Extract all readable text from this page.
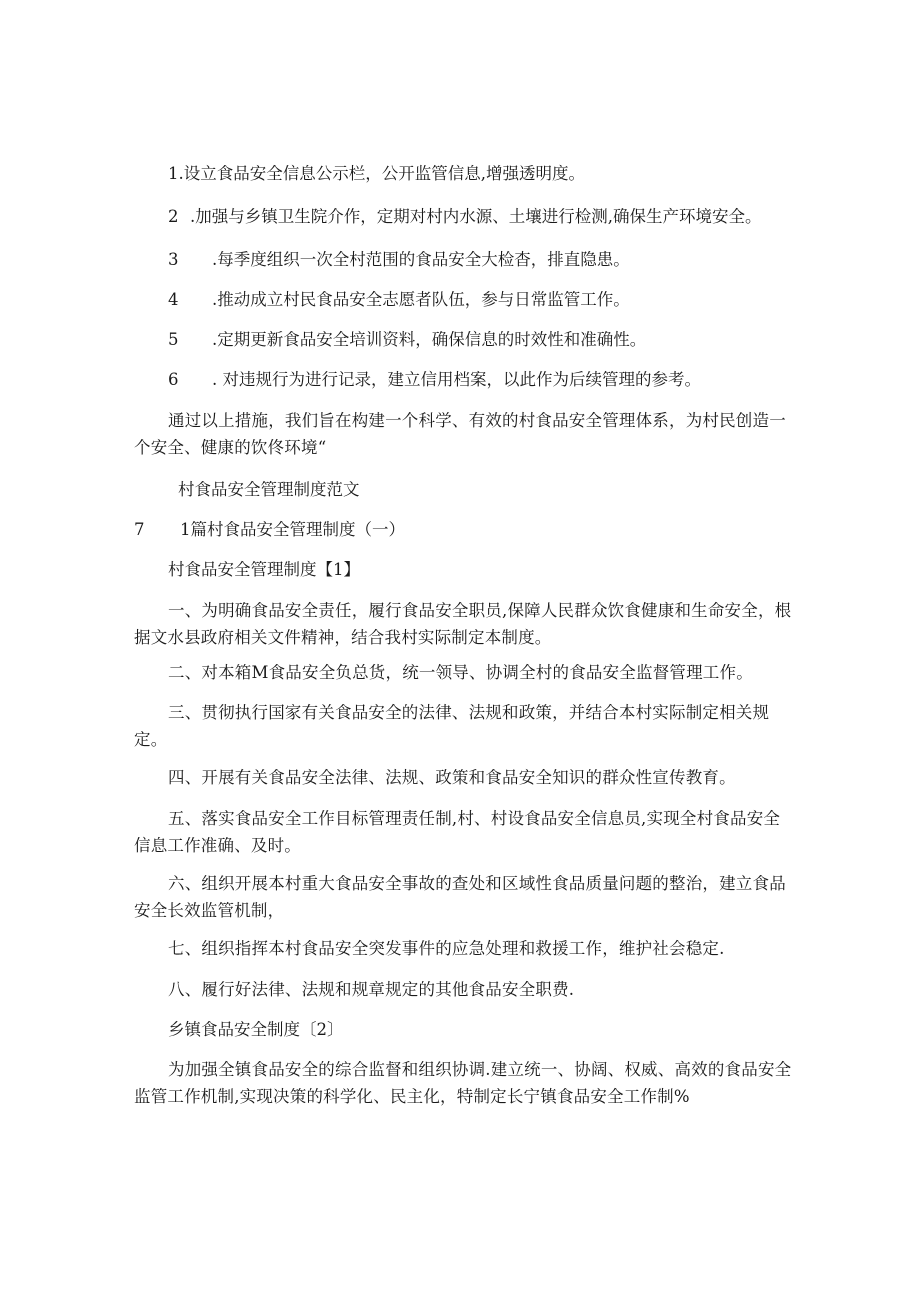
1.设立食品安全信息公示栏，公开监管信息,增强透明度。
2 .加强与乡镇卫生院介作，定期对村内水源、土壤进行检测,确保生产环境安全。
3 .每季度组织一次全村范围的食品安全大检杳，排直隐患。
4 .推动成立村民食品安全志愿者队伍，参与日常监管工作。
5 .定期更新食品安全培训资料，确保信息的时效性和准确性。
6 . 对违规行为进行记录，建立信用档案，以此作为后续管理的参考。
通过以上措施，我们旨在构建一个科学、有效的村食品安全管理体系，为村民创造一个安全、健康的饮佟环境“
村食品安全管理制度范文
7 1篇村食品安全管理制度（一）
村食品安全管理制度【1】
一、为明确食品安全责任，履行食品安全职员,保障人民群众饮食健康和生命安全，根据文水县政府相关文件精神，结合我村实际制定本制度。
二、对本箱M食品安全负总货，统一领导、协调全村的食品安全监督管理工作。
三、贯彻执行国家有关食品安全的法律、法规和政策，并结合本村实际制定相关规定。
四、开展有关食品安全法律、法规、政策和食品安全知识的群众性宣传教育。
五、落实食品安全工作目标管理责任制,村、村设食品安全信息员,实现全村食品安全信息工作准确、及时。
六、组织开展本村重大食品安全事故的查处和区域性食品质量问题的整治，建立食品安全长效监管机制，
七、组织指挥本村食品安全突发事件的应急处理和救援工作，维护社会稳定.
八、履行好法律、法规和规章规定的其他食品安全职费.
乡镇食品安全制度〔2〕
为加强全镇食品安全的综合监督和组织协调.建立统一、协阔、权威、高效的食品安全监管工作机制,实现决策的科学化、民主化，特制定长宁镇食品安全工作制%
